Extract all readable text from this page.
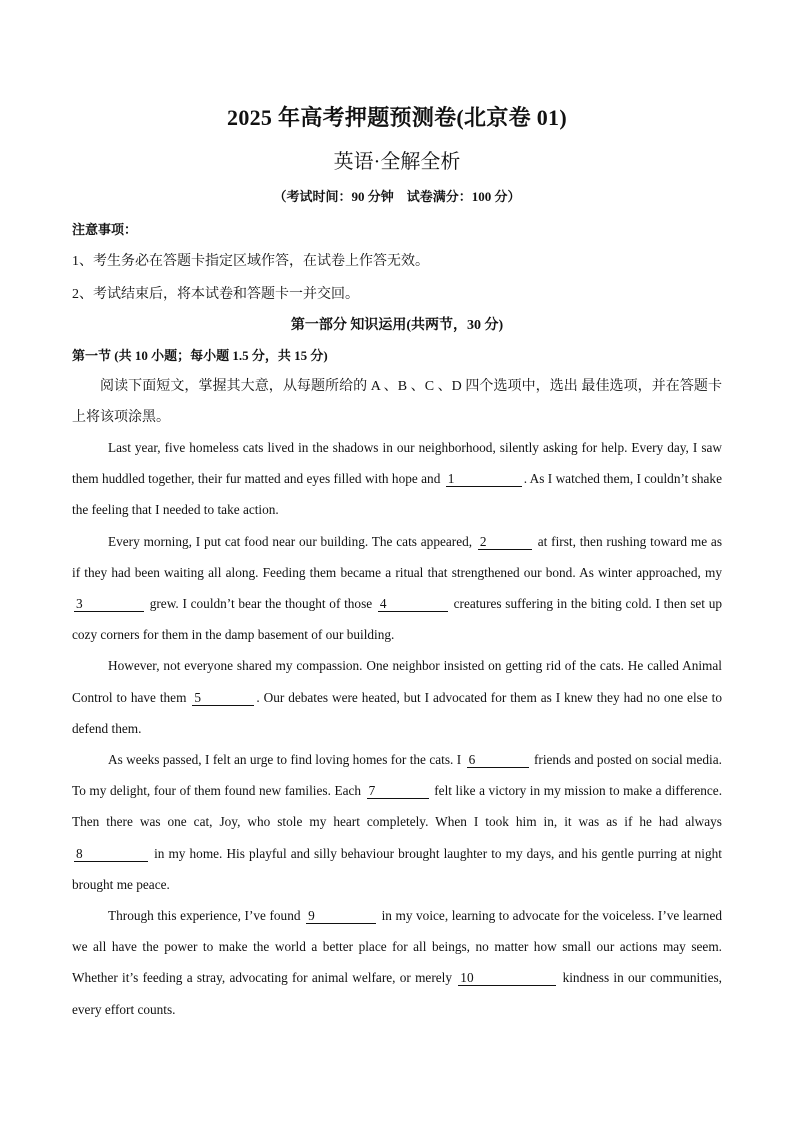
2025 年高考押题预测卷(北京卷 01)
英语·全解全析
（考试时间：90 分钟　试卷满分：100 分）
注意事项：
1、考生务必在答题卡指定区域作答，在试卷上作答无效。
2、考试结束后，将本试卷和答题卡一并交回。
第一部分 知识运用(共两节，30 分)
第一节 (共 10 小题；每小题 1.5 分，共 15 分)
阅读下面短文，掌握其大意，从每题所给的 A 、B 、C 、D 四个选项中，选出 最佳选项，并在答题卡上将该项涂黑。

Last year, five homeless cats lived in the shadows in our neighborhood, silently asking for help. Every day, I saw them huddled together, their fur matted and eyes filled with hope and 1	. As I watched them, I couldn’t shake the feeling that I needed to take action.

Every morning, I put cat food near our building. The cats appeared, 2	at first, then rushing toward me as if they had been waiting all along. Feeding them became a ritual that strengthened our bond. As winter approached, my 3	grew. I couldn’t bear the thought of those 4	creatures suffering in the biting cold. I then set up cozy corners for them in the damp basement of our building.

However, not everyone shared my compassion. One neighbor insisted on getting rid of the cats. He called Animal Control to have them 5	. Our debates were heated, but I advocated for them as I knew they had no one else to defend them.

As weeks passed, I felt an urge to find loving homes for the cats. I 6	friends and posted on social media. To my delight, four of them found new families. Each 7	felt like a victory in my mission to make a difference. Then there was one cat, Joy, who stole my heart completely. When I took him in, it was as if he had always 8	in my home. His playful and silly behaviour brought laughter to my days, and his gentle purring at night brought me peace.

Through this experience, I’ve found 9	in my voice, learning to advocate for the voiceless. I’ve learned we all have the power to make the world a better place for all beings, no matter how small our actions may seem. Whether it’s feeding a stray, advocating for animal welfare, or merely 10	kindness in our communities, every effort counts.
